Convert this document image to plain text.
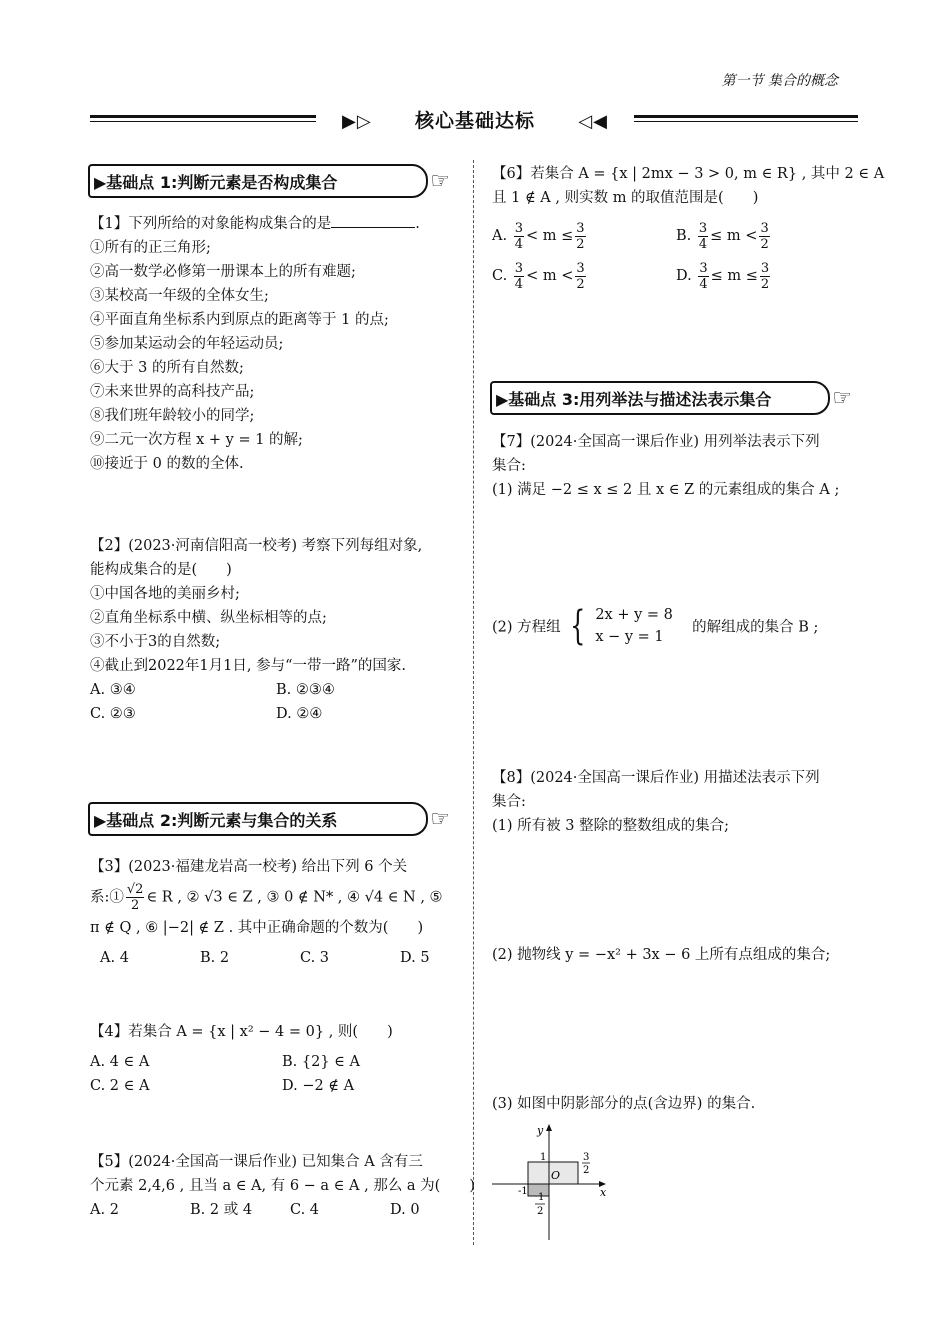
第一节 集合的概念
▶▷ 核心基础达标 ◁◀
▶基础点 1:判断元素是否构成集合	☞
【1】下列所给的对象能构成集合的是	.
①所有的正三角形;
②高一数学必修第一册课本上的所有难题;
③某校高一年级的全体女生;
④平面直角坐标系内到原点的距离等于 1 的点;
⑤参加某运动会的年轻运动员;
⑥大于 3 的所有自然数;
⑦未来世界的高科技产品;
⑧我们班年龄较小的同学;
⑨二元一次方程 x + y = 1 的解;
⑩接近于 0 的数的全体.
【2】(2023·河南信阳高一校考) 考察下列每组对象,
能构成集合的是(　　)
①中国各地的美丽乡村;
②直角坐标系中横、纵坐标相等的点;
③不小于3的自然数;
④截止到2022年1月1日, 参与“一带一路”的国家.
A. ③④	B. ②③④
C. ②③	D. ②④
▶基础点 2:判断元素与集合的关系	☞
【3】(2023·福建龙岩高一校考) 给出下列 6 个关
系:① $\frac{√2}{2}$ ∈ R , ② √3 ∈ Z , ③ 0 ∉ N* , ④ √4 ∈ N , ⑤
π ∉ Q , ⑥ |−2| ∉ Z . 其中正确命题的个数为(　　)
A. 4	B. 2	C. 3	D. 5
【4】若集合 A = {x | x² − 4 = 0} , 则(　　)
A. 4 ∈ A	B. {2} ∈ A
C. 2 ∈ A	D. −2 ∉ A
【5】(2024·全国高一课后作业) 已知集合 A 含有三
个元素 2,4,6 , 且当 a ∈ A, 有 6 − a ∈ A , 那么 a 为(　　)
A. 2	B. 2 或 4	C. 4	D. 0
【6】若集合 A = {x | 2mx − 3 > 0, m ∈ R} , 其中 2 ∈ A
且 1 ∉ A , 则实数 m 的取值范围是(　　)
A. $\frac{3}{4} < m \le \frac{3}{2}$	B. $\frac{3}{4} \le m < \frac{3}{2}$
C. $\frac{3}{4} < m < \frac{3}{2}$	D. $\frac{3}{4} \le m \le \frac{3}{2}$
▶基础点 3:用列举法与描述法表示集合	☞
【7】(2024·全国高一课后作业) 用列举法表示下列
集合:
(1) 满足 −2 ≤ x ≤ 2 且 x ∈ Z 的元素组成的集合 A ;
(2) 方程组 { 2x + y = 8
x − y = 1
的解组成的集合 B ;
【8】(2024·全国高一课后作业) 用描述法表示下列
集合:
(1) 所有被 3 整除的整数组成的集合;
(2) 抛物线 y = −x² + 3x − 6 上所有点组成的集合;
(3) 如图中阴影部分的点(含边界) 的集合.
y
x
O
1
-1
3
2
1
2
